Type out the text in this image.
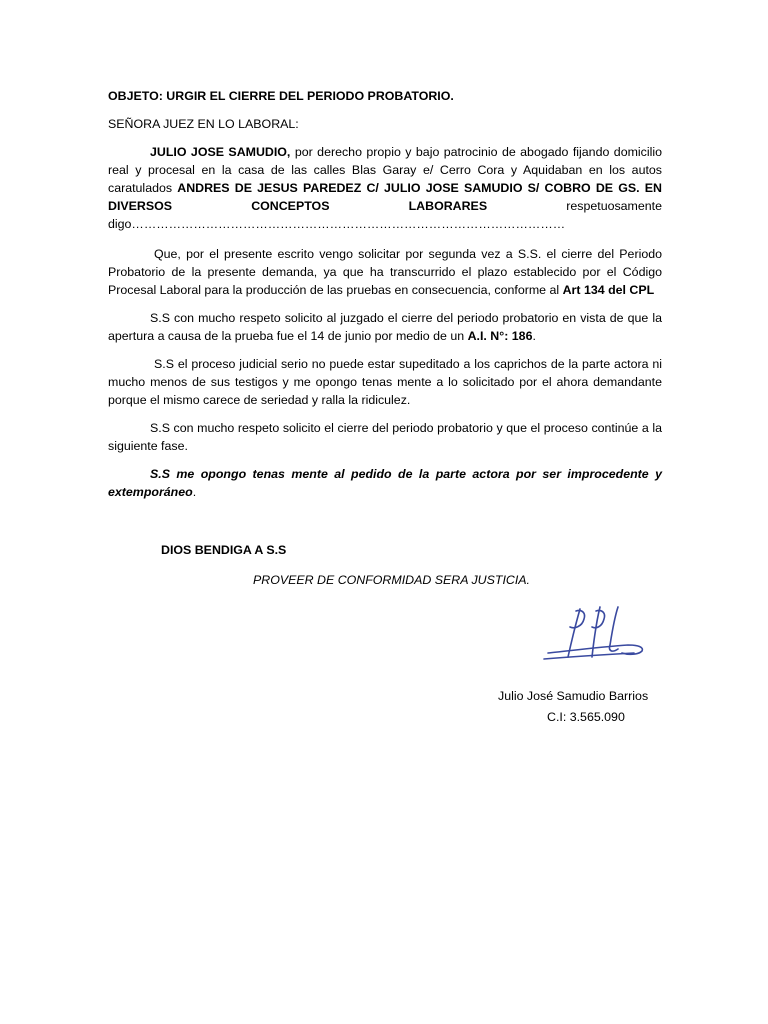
OBJETO: URGIR EL CIERRE DEL PERIODO PROBATORIO.

SEÑORA JUEZ EN LO LABORAL:

JULIO JOSE SAMUDIO, por derecho propio y bajo patrocinio de abogado fijando domicilio real y procesal en la casa de las calles Blas Garay e/ Cerro Cora y Aquidaban en los autos caratulados ANDRES DE JESUS PAREDEZ C/ JULIO JOSE SAMUDIO S/ COBRO DE GS. EN DIVERSOS CONCEPTOS LABORARES respetuosamente digo……………………………………………………………………………………………

Que, por el presente escrito vengo solicitar por segunda vez a S.S. el cierre del Periodo Probatorio de la presente demanda, ya que ha transcurrido el plazo establecido por el Código Procesal Laboral para la producción de las pruebas en consecuencia, conforme al Art 134 del CPL

S.S con mucho respeto solicito al juzgado el cierre del periodo probatorio en vista de que la apertura a causa de la prueba fue el 14 de junio por medio de un A.I. N°: 186.

S.S el proceso judicial serio no puede estar supeditado a los caprichos de la parte actora ni mucho menos de sus testigos y me opongo tenas mente a lo solicitado por el ahora demandante porque el mismo carece de seriedad y ralla la ridiculez.

S.S con mucho respeto solicito el cierre del periodo probatorio y que el proceso continúe a la siguiente fase.

S.S me opongo tenas mente al pedido de la parte actora por ser improcedente y extemporáneo.

DIOS BENDIGA A S.S
PROVEER DE CONFORMIDAD SERA JUSTICIA.
Julio José Samudio Barrios
C.I: 3.565.090
